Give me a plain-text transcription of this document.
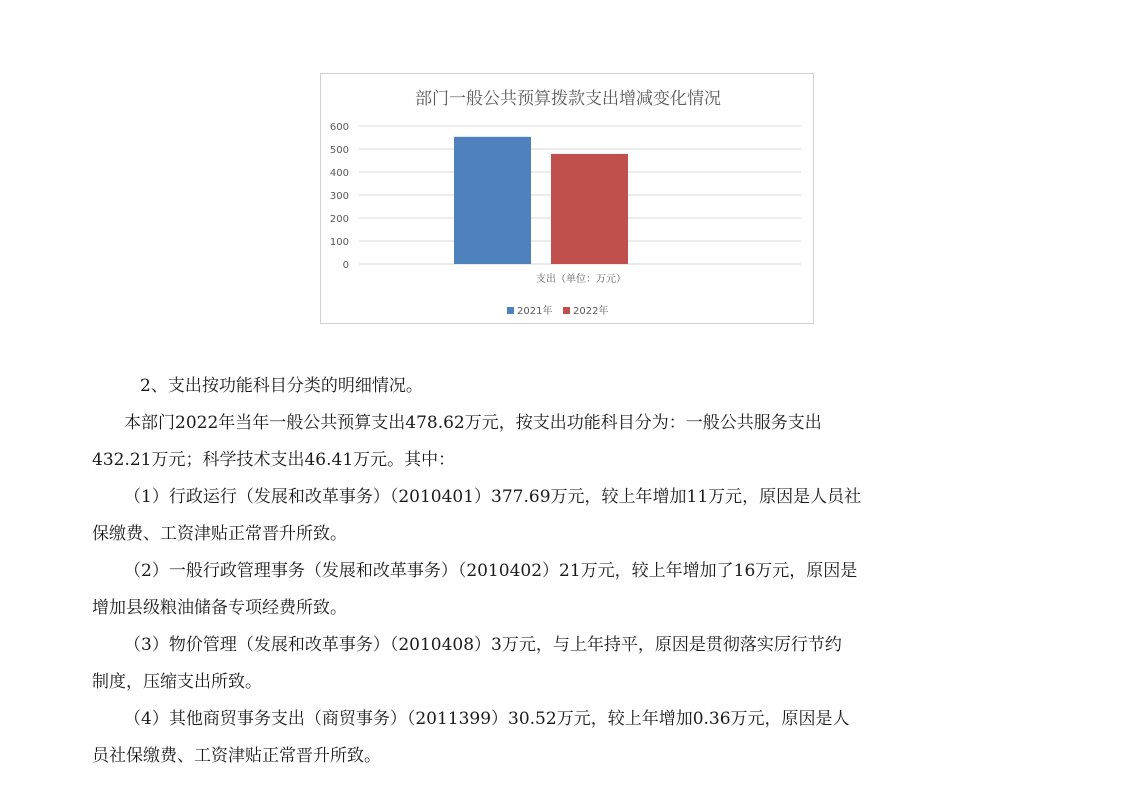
部门一般公共预算拨款支出增减变化情况
0
100
200
300
400
500
600
支出（单位：万元）
2021年 2022年
2、支出按功能科目分类的明细情况。
本部门2022年当年一般公共预算支出478.62万元，按支出功能科目分为：一般公共服务支出
432.21万元；科学技术支出46.41万元。其中：
（1）行政运行（发展和改革事务）（2010401）377.69万元，较上年增加11万元，原因是人员社
保缴费、工资津贴正常晋升所致。
（2）一般行政管理事务（发展和改革事务）（2010402）21万元，较上年增加了16万元，原因是
增加县级粮油储备专项经费所致。
（3）物价管理（发展和改革事务）（2010408）3万元，与上年持平，原因是贯彻落实厉行节约
制度，压缩支出所致。
（4）其他商贸事务支出（商贸事务）（2011399）30.52万元，较上年增加0.36万元，原因是人
员社保缴费、工资津贴正常晋升所致。
